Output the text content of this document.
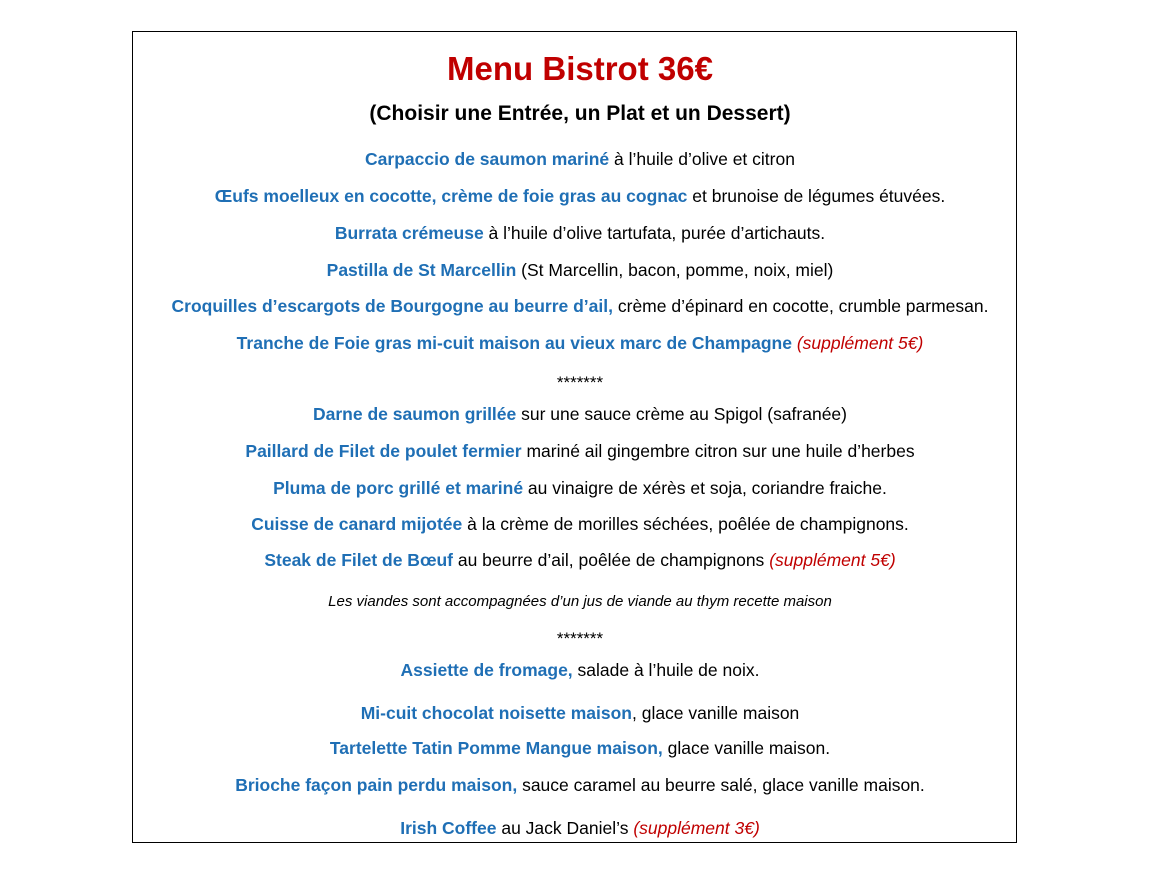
Menu Bistrot 36€
(Choisir une Entrée, un Plat et un Dessert)
Carpaccio de saumon mariné à l’huile d’olive et citron
Œufs moelleux en cocotte, crème de foie gras au cognac et brunoise de légumes étuvées.
Burrata crémeuse à l’huile d’olive tartufata, purée d’artichauts.
Pastilla de St Marcellin (St Marcellin, bacon, pomme, noix, miel)
Croquilles d’escargots de Bourgogne au beurre d’ail, crème d’épinard en cocotte, crumble parmesan.
Tranche de Foie gras mi-cuit maison au vieux marc de Champagne (supplément 5€)
*******
Darne de saumon grillée sur une sauce crème au Spigol (safranée)
Paillard de Filet de poulet fermier mariné ail gingembre citron sur une huile d’herbes
Pluma de porc grillé et mariné au vinaigre de xérès et soja, coriandre fraiche.
Cuisse de canard mijotée à la crème de morilles séchées, poêlée de champignons.
Steak de Filet de Bœuf au beurre d’ail, poêlée de champignons (supplément 5€)
Les viandes sont accompagnées d’un jus de viande au thym recette maison
*******
Assiette de fromage, salade à l’huile de noix.
Mi-cuit chocolat noisette maison, glace vanille maison
Tartelette Tatin Pomme Mangue maison, glace vanille maison.
Brioche façon pain perdu maison, sauce caramel au beurre salé, glace vanille maison.
Irish Coffee au Jack Daniel’s (supplément 3€)
